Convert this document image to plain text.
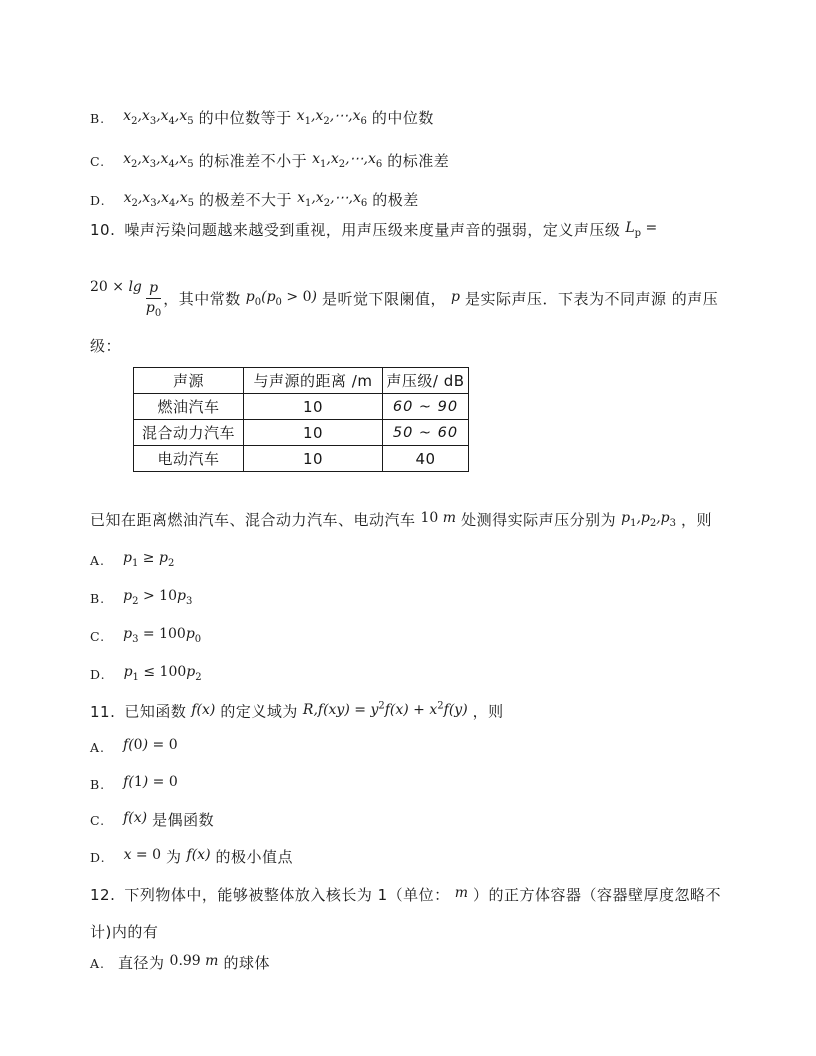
B. $x_2,x_3,x_4,x_5$ 的中位数等于 $x_1,x_2,\cdots,x_6$ 的中位数

C. $x_2,x_3,x_4,x_5$ 的标准差不小于 $x_1,x_2,\cdots,x_6$ 的标准差

D. $x_2,x_3,x_4,x_5$ 的极差不大于 $x_1,x_2,\cdots,x_6$ 的极差

10. 噪声污染问题越来越受到重视，用声压级来度量声音的强弱，定义声压级 $L_p$ =

$20 \times \lg \frac{p}{p_0}$ ，其中常数 $p_0(p_0 > 0)$ 是听觉下限阑值， p 是实际声压．下表为不同声源 的声压级：

声源	与声源的距离 /m	声压级/ dB
燃油汽车	10	60 ~ 90
混合动力汽车	10	50 ~ 60
电动汽车	10	40

已知在距离燃油汽车、混合动力汽车、电动汽车 10 m 处测得实际声压分别为 $p_1,p_2,p_3$ ，则

A. $p_1 \ge p_2$

B. $p_2 > 10p_3$

C. $p_3 = 100p_0$

D. $p_1 \le 100p_2$

11. 已知函数 f(x) 的定义域为 $R,f(xy) = y^2f(x) + x^2f(y)$ ，则

A. f(0) = 0

B. f(1) = 0

C. f(x) 是偶函数

D. x = 0 为 f(x) 的极小值点

12. 下列物体中，能够被整体放入核长为 1（单位： m ）的正方体容器（容器壁厚度忽略不计)内的有

A. 直径为 0.99 m 的球体
